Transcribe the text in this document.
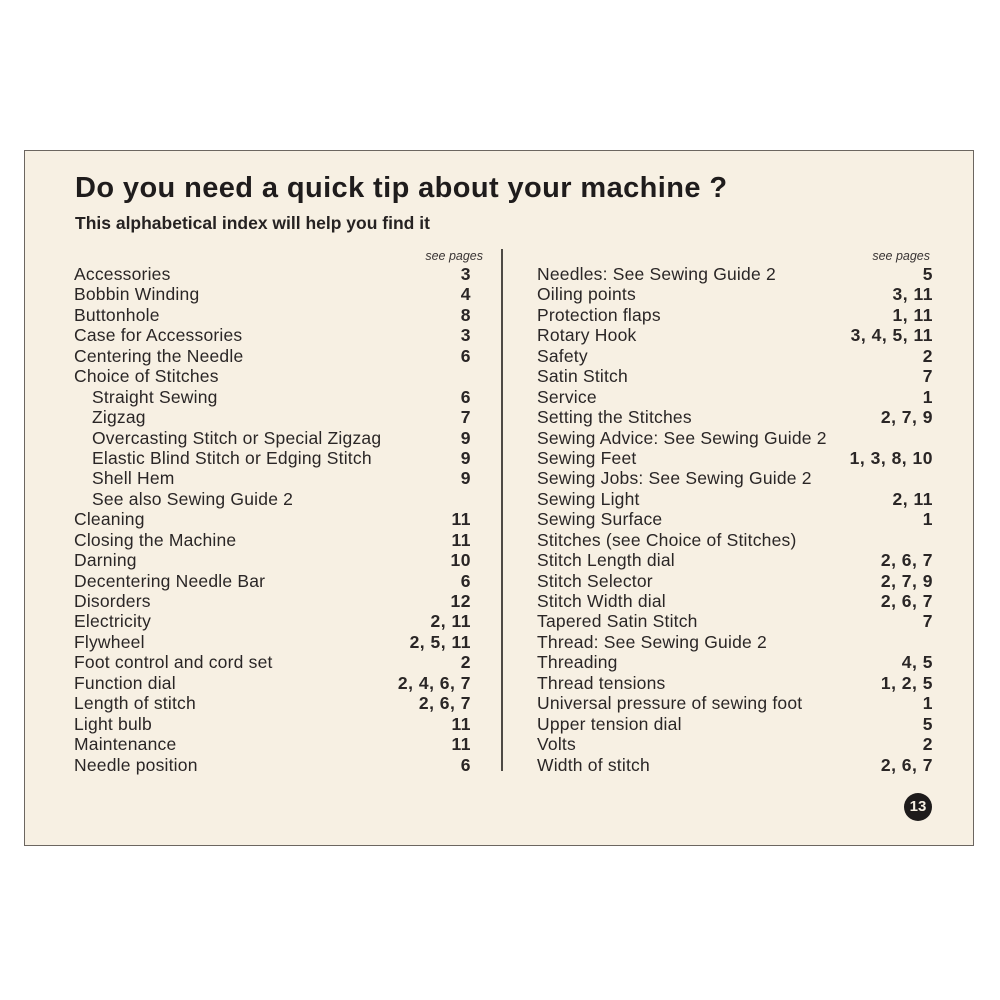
Do you need a quick tip about your machine ?
This alphabetical index will help you find it
see pages	see pages
Accessories	3
Bobbin Winding	4
Buttonhole	8
Case for Accessories	3
Centering the Needle	6
Choice of Stitches
Straight Sewing	6
Zigzag	7
Overcasting Stitch or Special Zigzag	9
Elastic Blind Stitch or Edging Stitch	9
Shell Hem	9
See also Sewing Guide 2
Cleaning	11
Closing the Machine	11
Darning	10
Decentering Needle Bar	6
Disorders	12
Electricity	2, 11
Flywheel	2, 5, 11
Foot control and cord set	2
Function dial	2, 4, 6, 7
Length of stitch	2, 6, 7
Light bulb	11
Maintenance	11
Needle position	6
Needles: See Sewing Guide 2	5
Oiling points	3, 11
Protection flaps	1, 11
Rotary Hook	3, 4, 5, 11
Safety	2
Satin Stitch	7
Service	1
Setting the Stitches	2, 7, 9
Sewing Advice: See Sewing Guide 2
Sewing Feet	1, 3, 8, 10
Sewing Jobs: See Sewing Guide 2
Sewing Light	2, 11
Sewing Surface	1
Stitches (see Choice of Stitches)
Stitch Length dial	2, 6, 7
Stitch Selector	2, 7, 9
Stitch Width dial	2, 6, 7
Tapered Satin Stitch	7
Thread: See Sewing Guide 2
Threading	4, 5
Thread tensions	1, 2, 5
Universal pressure of sewing foot	1
Upper tension dial	5
Volts	2
Width of stitch	2, 6, 7
13
